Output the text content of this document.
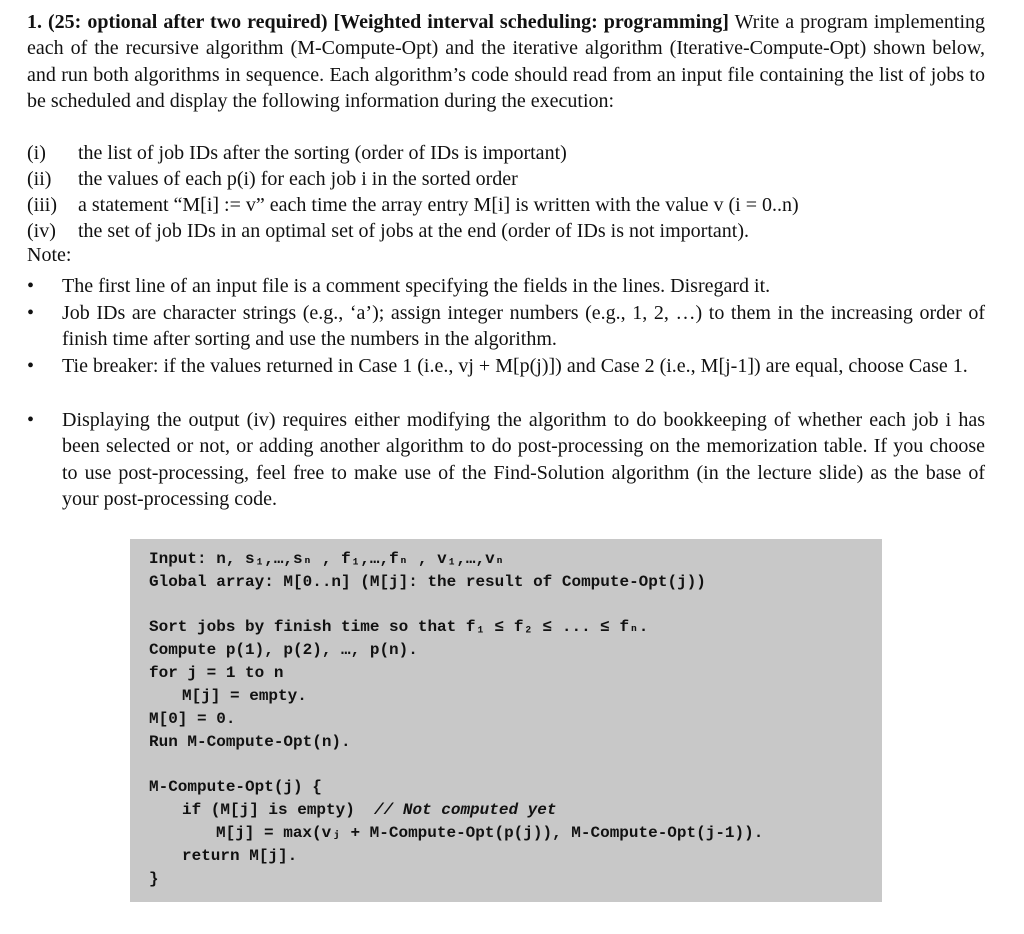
1. (25: optional after two required) [Weighted interval scheduling: programming] Write a program implementing each of the recursive algorithm (M-Compute-Opt) and the iterative algorithm (Iterative-Compute-Opt) shown below, and run both algorithms in sequence. Each algorithm’s code should read from an input file containing the list of jobs to be scheduled and display the following information during the execution:
(i) the list of job IDs after the sorting (order of IDs is important)
(ii) the values of each p(i) for each job i in the sorted order
(iii) a statement “M[i] := v” each time the array entry M[i] is written with the value v (i = 0..n)
(iv) the set of job IDs in an optimal set of jobs at the end (order of IDs is not important).
Note:
• The first line of an input file is a comment specifying the fields in the lines. Disregard it.
• Job IDs are character strings (e.g., ‘a’); assign integer numbers (e.g., 1, 2, …) to them in the increasing order of finish time after sorting and use the numbers in the algorithm.
• Tie breaker: if the values returned in Case 1 (i.e., vj + M[p(j)]) and Case 2 (i.e., M[j-1]) are equal, choose Case 1.
• Displaying the output (iv) requires either modifying the algorithm to do bookkeeping of whether each job i has been selected or not, or adding another algorithm to do post-processing on the memorization table. If you choose to use post-processing, feel free to make use of the Find-Solution algorithm (in the lecture slide) as the base of your post-processing code.
Input: n, s₁,…,sₙ , f₁,…,fₙ , v₁,…,vₙ
Global array: M[0..n] (M[j]: the result of Compute-Opt(j))
Sort jobs by finish time so that f₁ ≤ f₂ ≤ ... ≤ fₙ.
Compute p(1), p(2), …, p(n).
for j = 1 to n
M[j] = empty.
M[0] = 0.
Run M-Compute-Opt(n).
M-Compute-Opt(j) {
if (M[j] is empty) // Not computed yet
M[j] = max(vⱼ + M-Compute-Opt(p(j)), M-Compute-Opt(j-1)).
return M[j].
}
